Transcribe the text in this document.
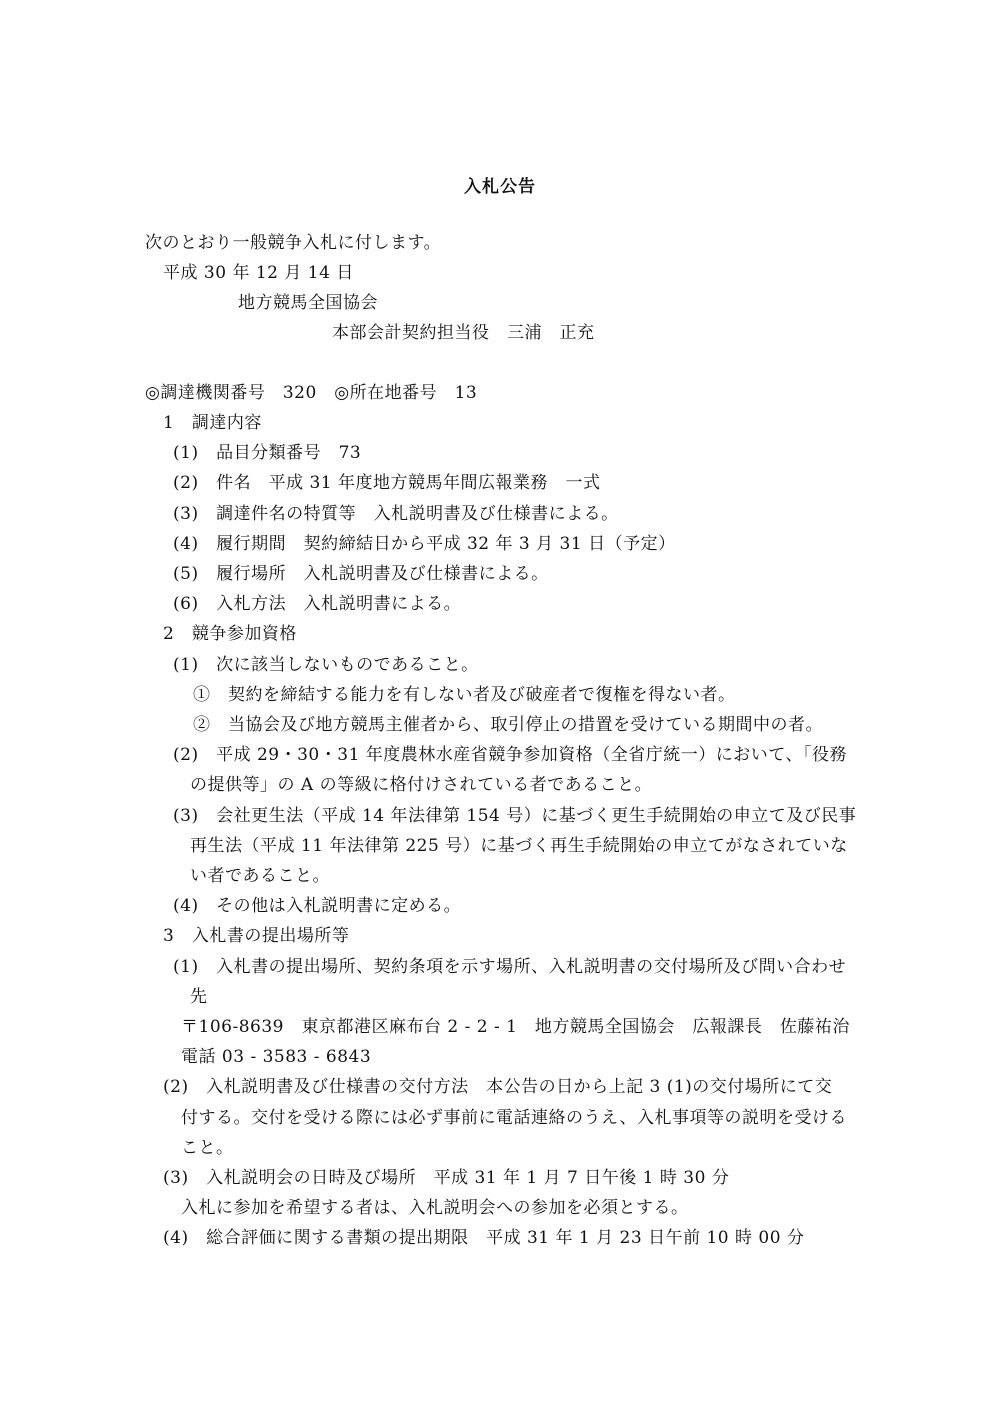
入札公告
次のとおり一般競争入札に付します。
平成 30 年 12 月 14 日
地方競馬全国協会
本部会計契約担当役　三浦　正充
◎調達機関番号　320　◎所在地番号　13
1　調達内容
(1)　品目分類番号　73
(2)　件名　平成 31 年度地方競馬年間広報業務　一式
(3)　調達件名の特質等　入札説明書及び仕様書による。
(4)　履行期間　契約締結日から平成 32 年 3 月 31 日（予定）
(5)　履行場所　入札説明書及び仕様書による。
(6)　入札方法　入札説明書による。
2　競争参加資格
(1)　次に該当しないものであること。
①　契約を締結する能力を有しない者及び破産者で復権を得ない者。
②　当協会及び地方競馬主催者から、取引停止の措置を受けている期間中の者。
(2)　平成 29・30・31 年度農林水産省競争参加資格（全省庁統一）において、「役務
の提供等」の A の等級に格付けされている者であること。
(3)　会社更生法（平成 14 年法律第 154 号）に基づく更生手続開始の申立て及び民事
再生法（平成 11 年法律第 225 号）に基づく再生手続開始の申立てがなされていな
い者であること。
(4)　その他は入札説明書に定める。
3　入札書の提出場所等
(1)　入札書の提出場所、契約条項を示す場所、入札説明書の交付場所及び問い合わせ
先
〒106-8639　東京都港区麻布台 2 - 2 - 1　地方競馬全国協会　広報課長　佐藤祐治
電話 03 - 3583 - 6843
(2)　入札説明書及び仕様書の交付方法　本公告の日から上記 3 (1)の交付場所にて交
付する。交付を受ける際には必ず事前に電話連絡のうえ、入札事項等の説明を受ける
こと。
(3)　入札説明会の日時及び場所　平成 31 年 1 月 7 日午後 1 時 30 分
入札に参加を希望する者は、入札説明会への参加を必須とする。
(4)　総合評価に関する書類の提出期限　平成 31 年 1 月 23 日午前 10 時 00 分
